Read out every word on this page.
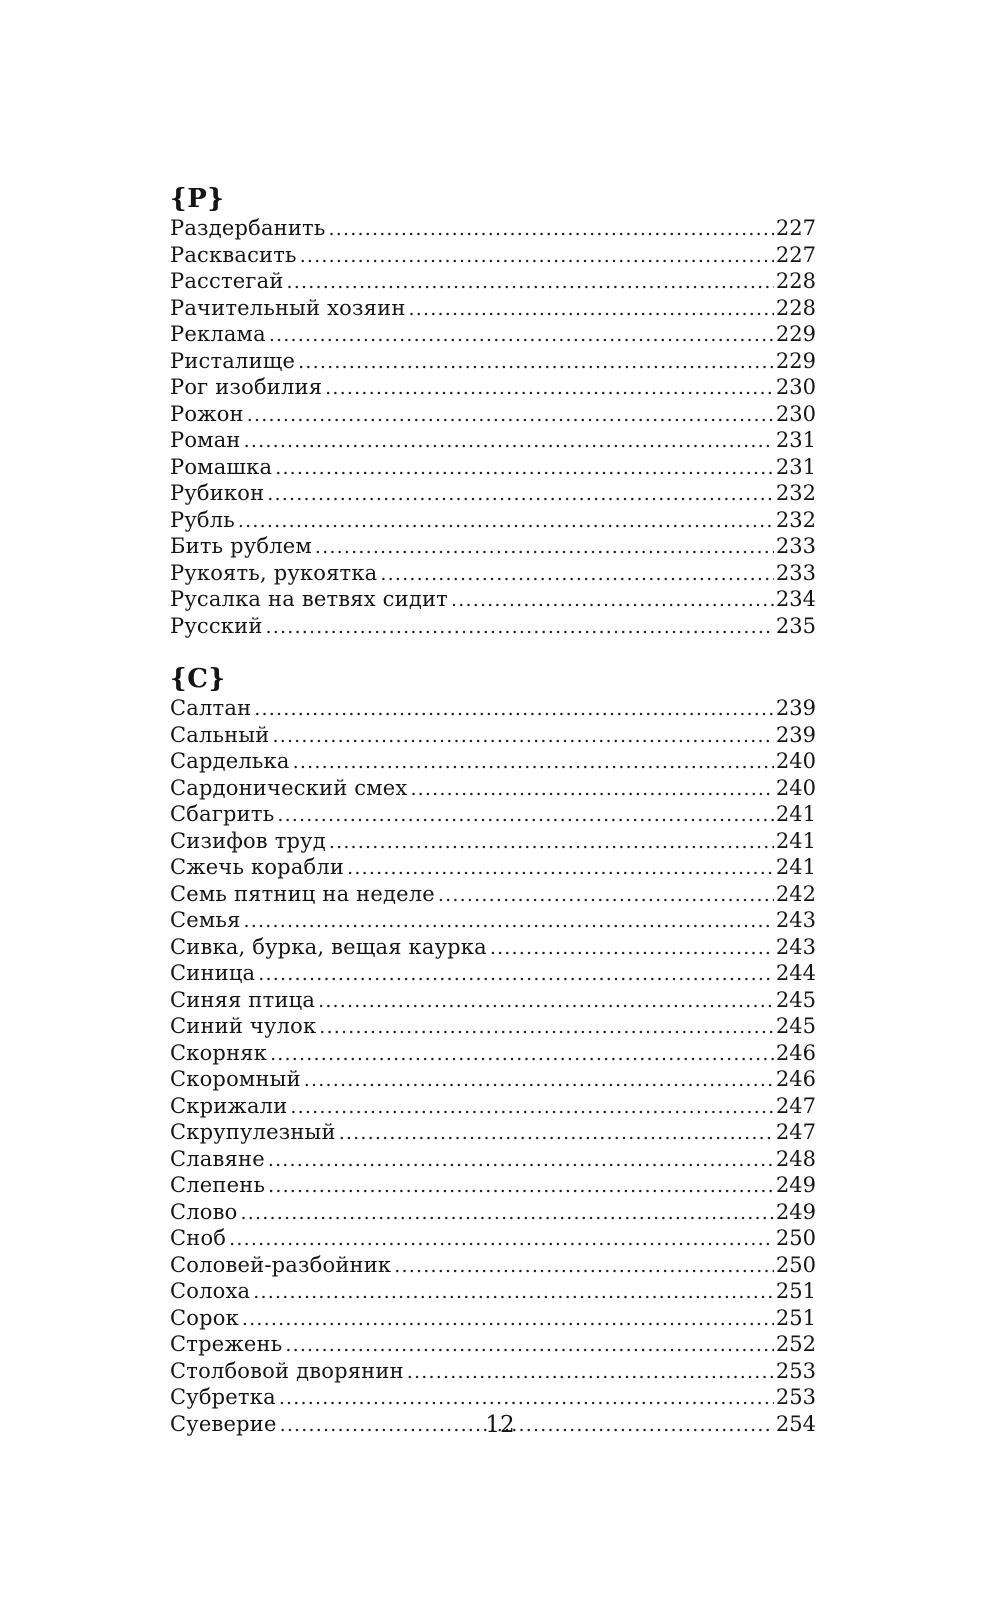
{Р}
Раздербанить .....	227
Расквасить .....	227
Расстегай .....	228
Рачительный хозяин .....	228
Реклама .....	229
Ристалище .....	229
Рог изобилия .....	230
Рожон .....	230
Роман .....	231
Ромашка .....	231
Рубикон .....	232
Рубль .....	232
Бить рублем .....	233
Рукоять, рукоятка .....	233
Русалка на ветвях сидит .....	234
Русский .....	235
{С}
Салтан .....	239
Сальный .....	239
Сарделька .....	240
Сардонический смех .....	240
Сбагрить .....	241
Сизифов труд .....	241
Сжечь корабли .....	241
Семь пятниц на неделе .....	242
Семья .....	243
Сивка, бурка, вещая каурка .....	243
Синица .....	244
Синяя птица .....	245
Синий чулок .....	245
Скорняк .....	246
Скоромный .....	246
Скрижали .....	247
Скрупулезный .....	247
Славяне .....	248
Слепень .....	249
Слово .....	249
Сноб .....	250
Соловей-разбойник .....	250
Солоха .....	251
Сорок .....	251
Стрежень .....	252
Столбовой дворянин .....	253
Субретка .....	253
Суеверие .....	254
12
